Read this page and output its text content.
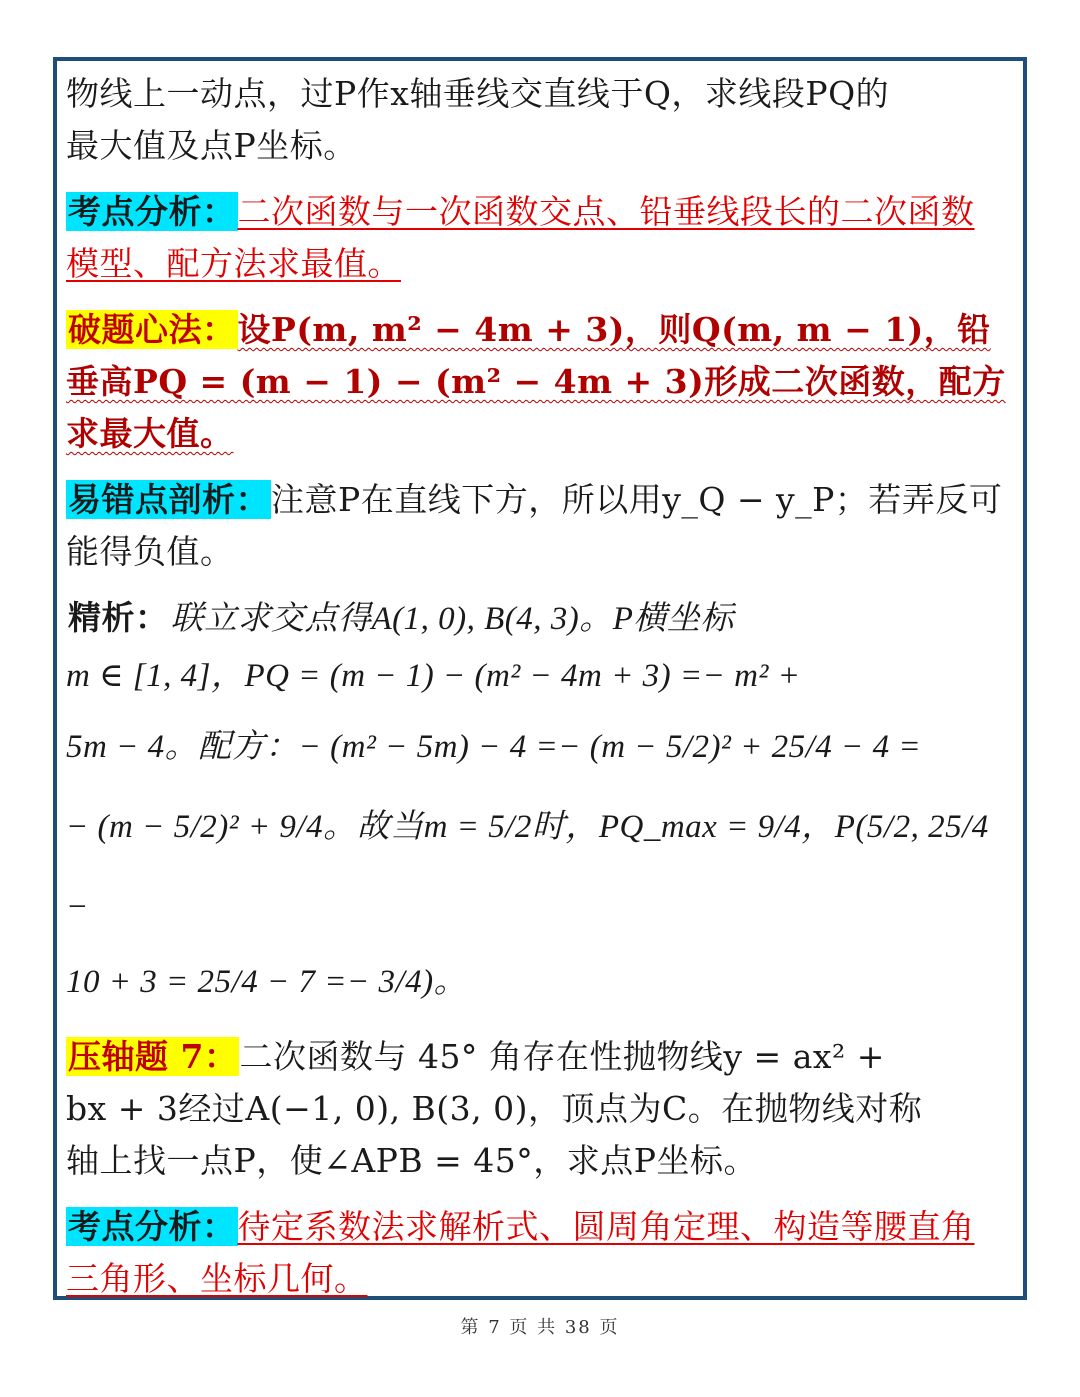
物线上一动点，过P作x轴垂线交直线于Q，求线段PQ的
最大值及点P坐标。

考点分析：二次函数与一次函数交点、铅垂线段长的二次函数模型、配方法求最值。

破题心法：设P(m, m² − 4m + 3)，则Q(m, m − 1)，铅垂高PQ = (m − 1) − (m² − 4m + 3)形成二次函数，配方求最大值。

易错点剖析：注意P在直线下方，所以用y_Q − y_P；若弄反可能得负值。

精析：联立求交点得A(1, 0), B(4, 3)。P横坐标
m ∈ [1, 4]，PQ = (m − 1) − (m² − 4m + 3) =− m² +
5m − 4。配方：− (m² − 5m) − 4 =− (m − 5/2)² + 25/4 − 4 =
− (m − 5/2)² + 9/4。故当m = 5/2时，PQ_max = 9/4，P(5/2, 25/4 −
10 + 3 = 25/4 − 7 =− 3/4)。

压轴题 7：二次函数与 45° 角存在性抛物线y = ax² +
bx + 3经过A(−1, 0), B(3, 0)，顶点为C。在抛物线对称
轴上找一点P，使∠APB = 45°，求点P坐标。

考点分析：待定系数法求解析式、圆周角定理、构造等腰直角三角形、坐标几何。

第 7 页 共 38 页
